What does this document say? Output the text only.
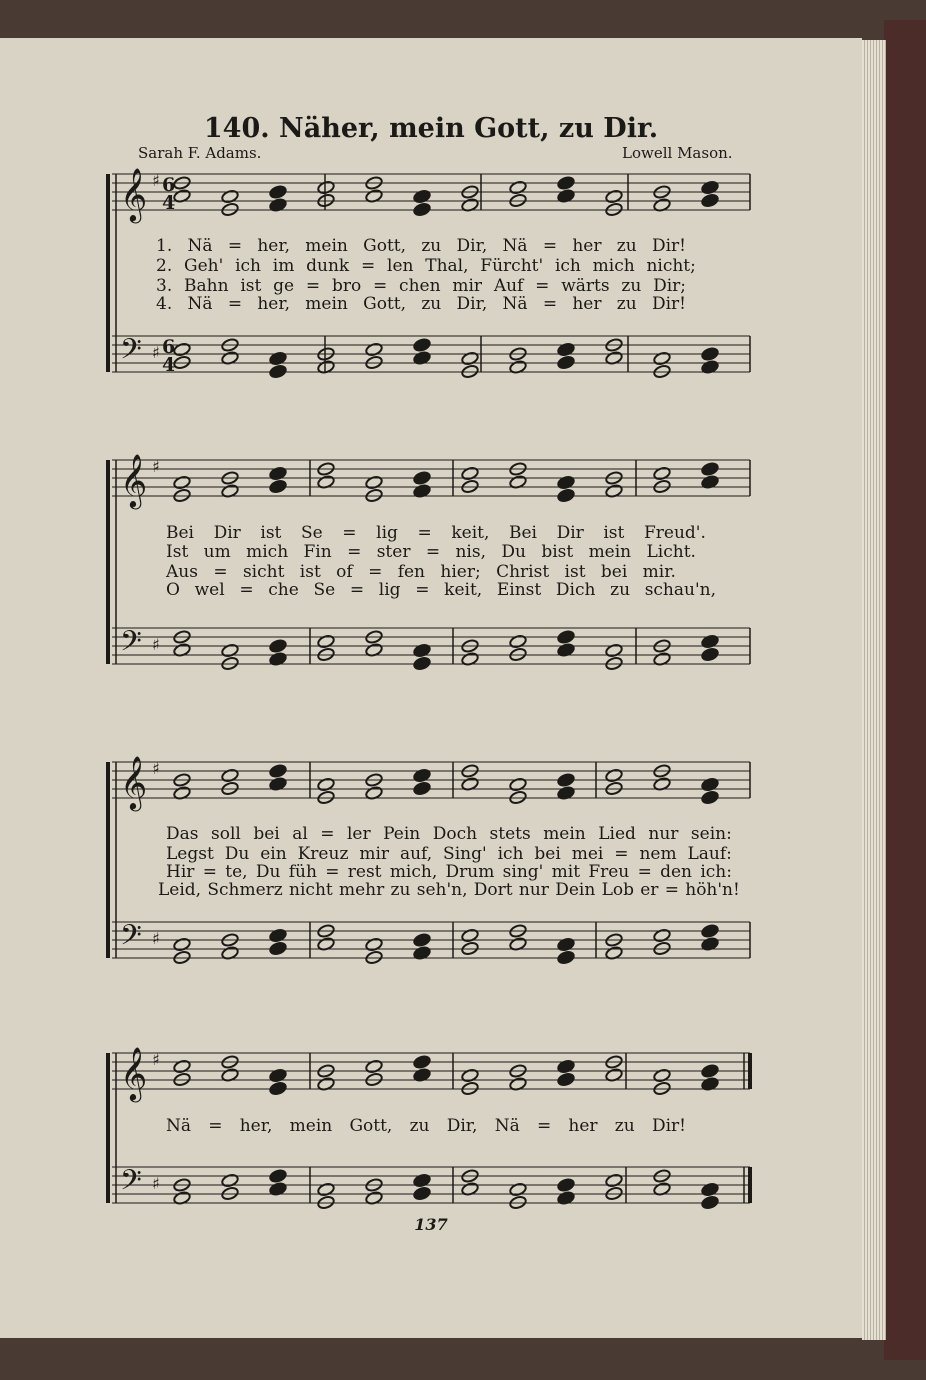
𝄞
𝄢
♯
♯
6
4
6
4
𝄞
𝄢
♯
♯
𝄞
𝄢
♯
♯
𝄞
𝄢
♯
♯
140. Näher, mein Gott, zu Dir.
Sarah F. Adams.	Lowell Mason.
1. Nä = her, mein Gott, zu Dir, Nä = her zu Dir!
2. Geh' ich im dunk = len Thal, Fürcht' ich mich nicht;
3. Bahn ist ge = bro = chen mir Auf = wärts zu Dir;
4. Nä = her, mein Gott, zu Dir, Nä = her zu Dir!
Bei Dir ist Se = lig = keit, Bei Dir ist Freud'.
Ist um mich Fin = ster = nis, Du bist mein Licht.
Aus = sicht ist of = fen hier; Christ ist bei mir.
O wel = che Se = lig = keit, Einst Dich zu schau'n,
Das soll bei al = ler Pein Doch stets mein Lied nur sein:
Legst Du ein Kreuz mir auf, Sing' ich bei mei = nem Lauf:
Hir = te, Du füh = rest mich, Drum sing' mit Freu = den ich:
Leid, Schmerz nicht mehr zu seh'n, Dort nur Dein Lob er = höh'n!
Nä = her, mein Gott, zu Dir, Nä = her zu Dir!
137
